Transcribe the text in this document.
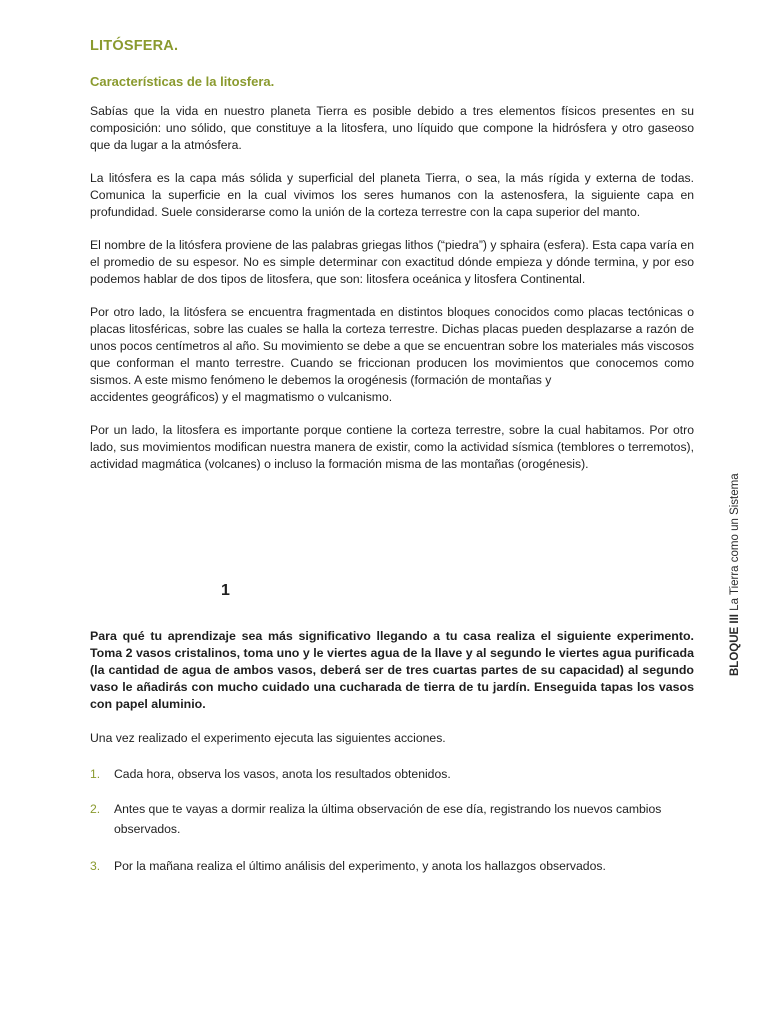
LITÓSFERA.
Características de la litosfera.

Sabías que la vida en nuestro planeta Tierra es posible debido a tres elementos físicos presentes en su composición: uno sólido, que constituye a la litosfera, uno líquido que compone la hidrósfera y otro gaseoso que da lugar a la atmósfera.

La litósfera es la capa más sólida y superficial del planeta Tierra, o sea, la más rígida y externa de todas. Comunica la superficie en la cual vivimos los seres humanos con la astenosfera, la siguiente capa en profundidad. Suele considerarse como la unión de la corteza terrestre con la capa superior del manto.

El nombre de la litósfera proviene de las palabras griegas lithos (“piedra”) y sphaira (esfera). Esta capa varía en el promedio de su espesor. No es simple determinar con exactitud dónde empieza y dónde termina, y por eso podemos hablar de dos tipos de litosfera, que son: litosfera oceánica y litosfera Continental.

Por otro lado, la litósfera se encuentra fragmentada en distintos bloques conocidos como placas tectónicas o placas litosféricas, sobre las cuales se halla la corteza terrestre. Dichas placas pueden desplazarse a razón de unos pocos centímetros al año. Su movimiento se debe a que se encuentran sobre los materiales más viscosos que conforman el manto terrestre. Cuando se friccionan producen los movimientos que conocemos como sismos. A este mismo fenómeno le debemos la orogénesis (formación de montañas y

accidentes geográficos) y el magmatismo o vulcanismo.

Por un lado, la litosfera es importante porque contiene la corteza terrestre, sobre la cual habitamos. Por otro lado, sus movimientos modifican nuestra manera de existir, como la actividad sísmica (temblores o terremotos), actividad magmática (volcanes) o incluso la formación misma de las montañas (orogénesis).

1

Para qué tu aprendizaje sea más significativo llegando a tu casa realiza el siguiente experimento. Toma 2 vasos cristalinos, toma uno y le viertes agua de la llave y al segundo le viertes agua purificada (la cantidad de agua de ambos vasos, deberá ser de tres cuartas partes de su capacidad) al segundo vaso le añadirás con mucho cuidado una cucharada de tierra de tu jardín. Enseguida tapas los vasos con papel aluminio.

Una vez realizado el experimento ejecuta las siguientes acciones.

1. Cada hora, observa los vasos, anota los resultados obtenidos.
2. Antes que te vayas a dormir realiza la última observación de ese día, registrando los nuevos cambios observados.
3. Por la mañana realiza el último análisis del experimento, y anota los hallazgos observados.
BLOQUE III La Tierra como un Sistema
